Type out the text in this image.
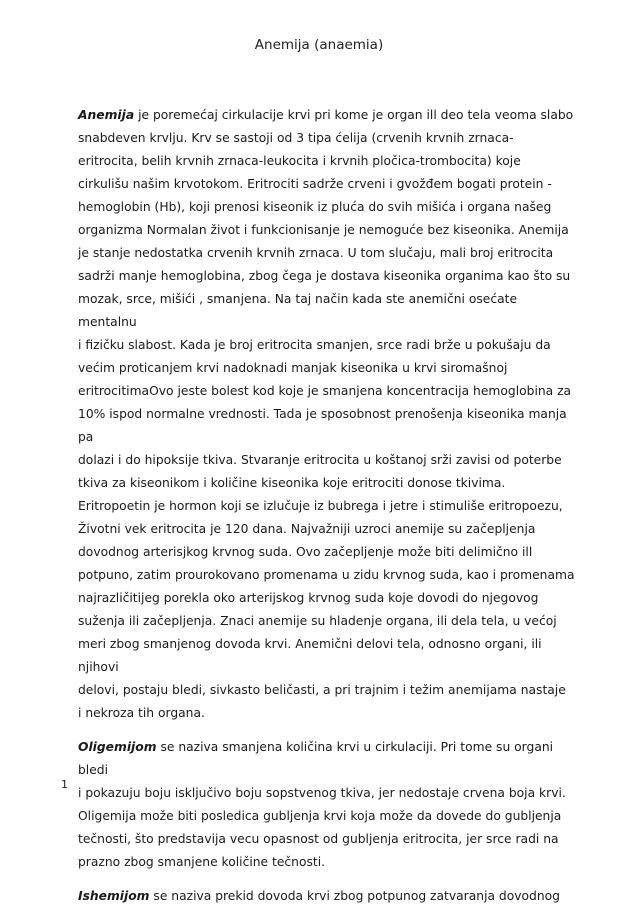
Anemija (anaemia)

Anemija je poremećaj cirkulacije krvi pri kome je organ ill deo tela veoma slabo
snabdeven krvlju. Krv se sastoji od 3 tipa ćelija (crvenih krvnih zrnaca-
eritrocita, belih krvnih zrnaca-leukocita i krvnih pločica-trombocita) koje
cirkulišu našim krvotokom. Eritrociti sadrže crveni i gvožđem bogati protein -
hemoglobin (Hb), koji prenosi kiseonik iz pluća do svih mišića i organa našeg
organizma Normalan život i funkcionisanje je nemoguće bez kiseonika. Anemija
je stanje nedostatka crvenih krvnih zrnaca. U tom slučaju, mali broj eritrocita
sadrži manje hemoglobina, zbog čega je dostava kiseonika organima kao što su
mozak, srce, mišići , smanjena. Na taj način kada ste anemični osećate mentalnu
i fizičku slabost. Kada je broj eritrocita smanjen, srce radi brže u pokušaju da
većim proticanjem krvi nadoknadi manjak kiseonika u krvi siromašnoj
eritrocitimaOvo jeste bolest kod koje je smanjena koncentracija hemoglobina za
10% ispod normalne vrednosti. Tada je sposobnost prenošenja kiseonika manja pa
dolazi i do hipoksije tkiva. Stvaranje eritrocita u koštanoj srži zavisi od poterbe
tkiva za kiseonikom i količine kiseonika koje eritrociti donose tkivima.
Eritropoetin je hormon koji se izlučuje iz bubrega i jetre i stimuliše eritropoezu,
Životni vek eritrocita je 120 dana. Najvažniji uzroci anemije su začepljenja
dovodnog arterisjkog krvnog suda. Ovo začepljenje može biti delimično ill
potpuno, zatim prourokovano promenama u zidu krvnog suda, kao i promenama
najrazličitijeg porekla oko arterijskog krvnog suda koje dovodi do njegovog
suženja ili začepljenja. Znaci anemije su hladenje organa, ili dela tela, u većoj
meri zbog smanjenog dovoda krvi. Anemični delovi tela, odnosno organi, ili njihovi
delovi, postaju bledi, sivkasto beličasti, a pri trajnim i težim anemijama nastaje
i nekroza tih organa.

Oligemijom se naziva smanjena količina krvi u cirkulaciji. Pri tome su organi bledi
i pokazuju boju isključivo boju sopstvenog tkiva, jer nedostaje crvena boja krvi.
Oligemija može biti posledica gubljenja krvi koja može da dovede do gubljenja
tečnosti, što predstavija vecu opasnost od gubljenja eritrocita, jer srce radi na
prazno zbog smanjene količine tečnosti.

Ishemijom se naziva prekid dovoda krvi zbog potpunog zatvaranja dovodnog

1
